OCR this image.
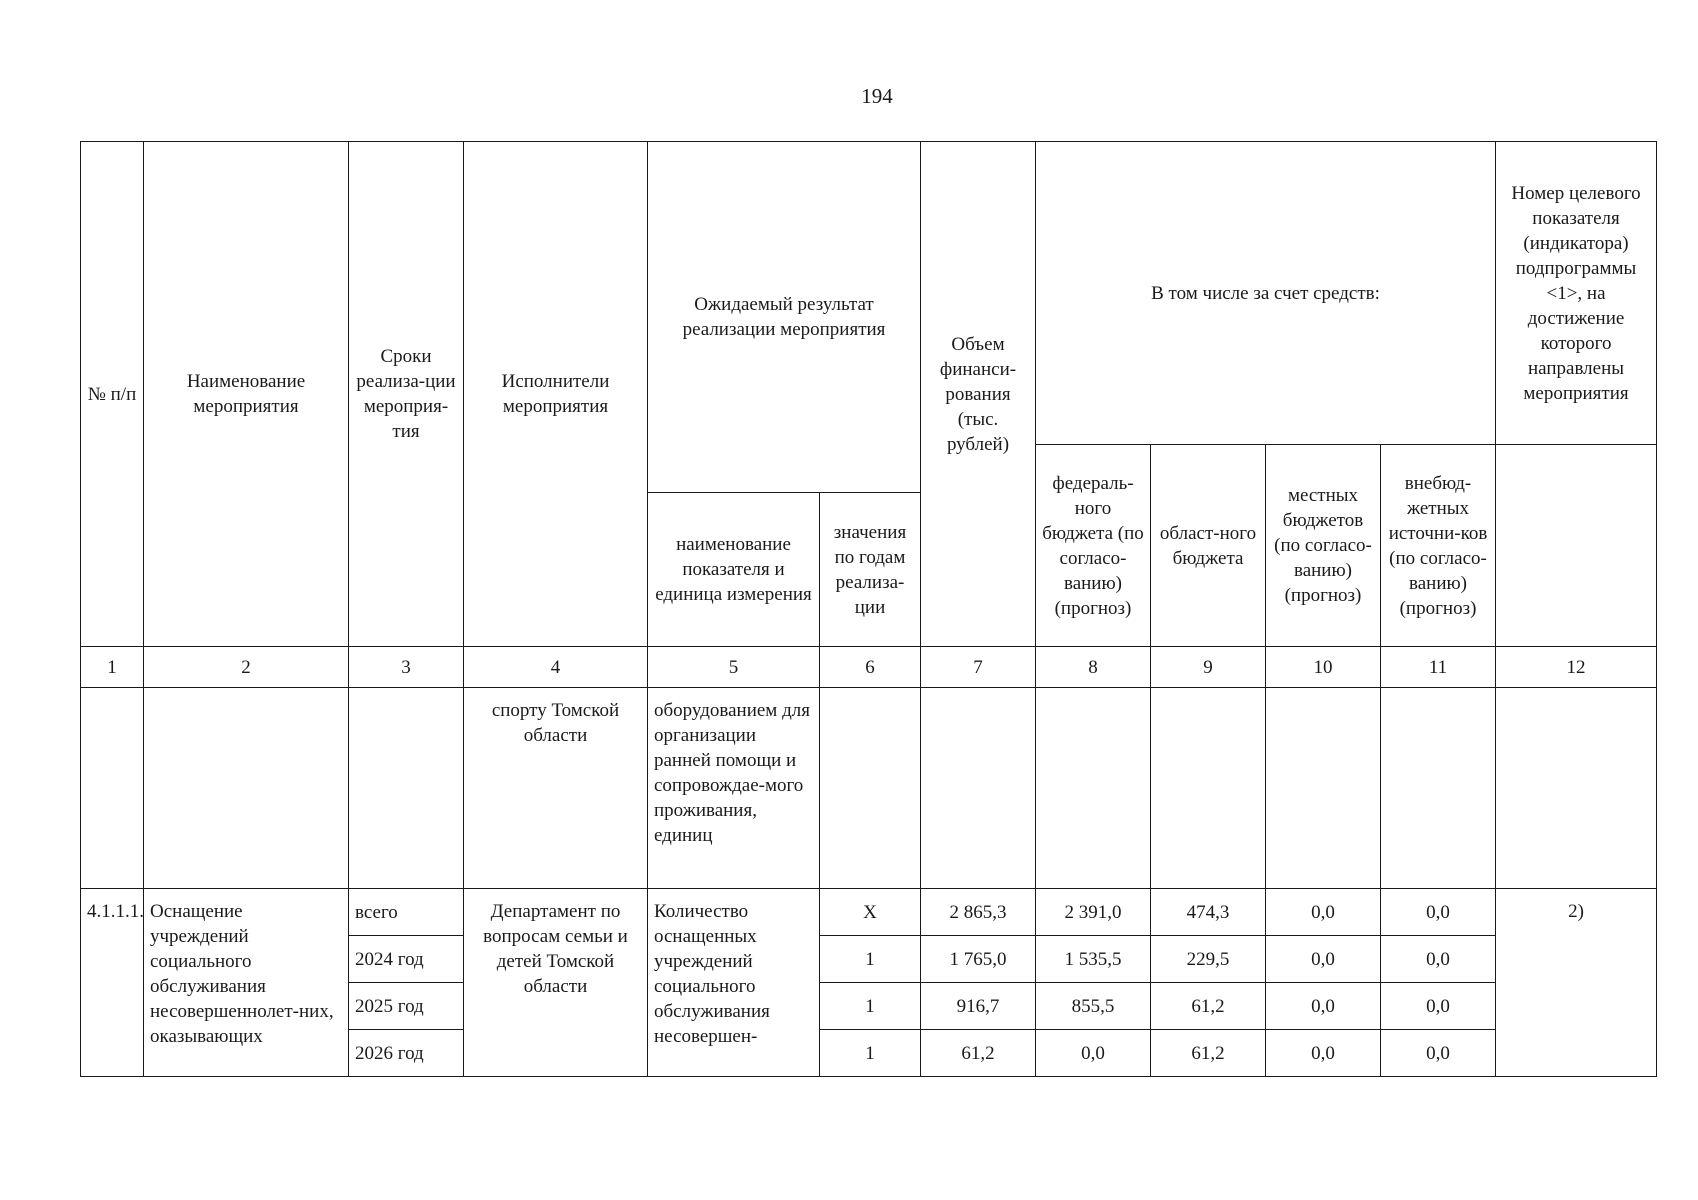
194
№ п/п	Наименование мероприятия	Сроки реализа-ции мероприя-тия	Исполнители мероприятия	Ожидаемый результат реализации мероприятия		Объем финанси-рования (тыс. рублей)	В том числе за счет средств:				Номер целевого показателя (индикатора) подпрограммы <1>, на достижение которого направлены мероприятия
							федераль-ного бюджета (по согласо-ванию) (прогноз)	област-ного бюджета	местных бюджетов (по согласо-ванию) (прогноз)	внебюд-жетных источни-ков (по согласо-ванию) (прогноз)	
				наименование показателя и единица измерения	значения по годам реализа-ции						
1	2	3	4	5	6	7	8	9	10	11	12
			спорту Томской области	оборудованием для организации ранней помощи и сопровождае-мого проживания, единиц							
4.1.1.1.	Оснащение учреждений социального обслуживания несовершеннолет-них, оказывающих	всего	Департамент по вопросам семьи и детей Томской области	Количество оснащенных учреждений социального обслуживания несовершен-	Х	2 865,3	2 391,0	474,3	0,0	0,0	2)
		2024 год			1	1 765,0	1 535,5	229,5	0,0	0,0	
		2025 год			1	916,7	855,5	61,2	0,0	0,0	
		2026 год			1	61,2	0,0	61,2	0,0	0,0	
